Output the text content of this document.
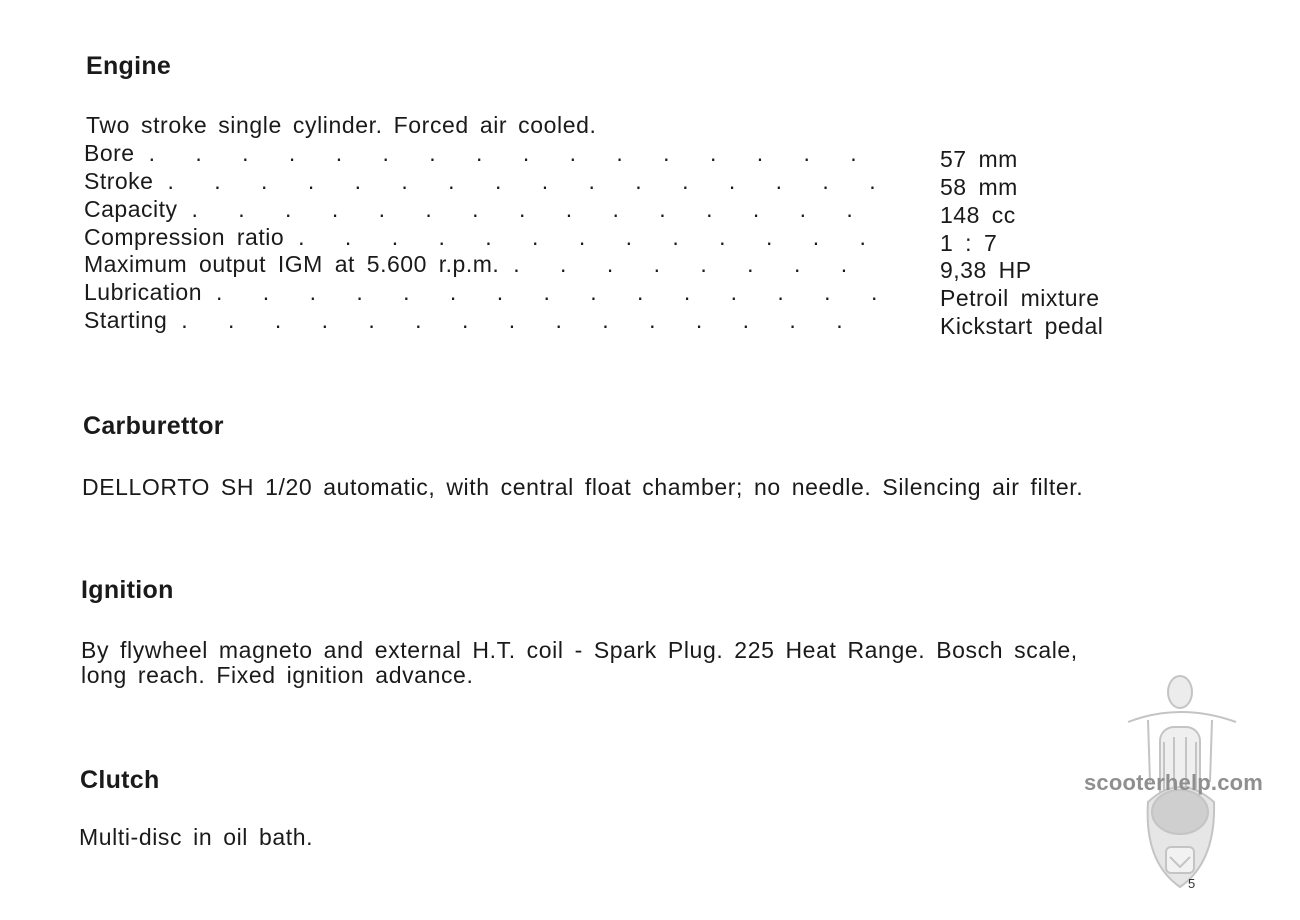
Engine

Two stroke single cylinder. Forced air cooled.

Bore . . .	57 mm
Stroke . . .	58 mm
Capacity . . .	148 cc
Compression ratio . . .	1 : 7
Maximum output IGM at 5.600 r.p.m. . . .	9,38 HP
Lubrication . . .	Petroil mixture
Starting . . .	Kickstart pedal
Carburettor

DELLORTO SH 1/20 automatic, with central float chamber; no needle. Silencing air filter.

Ignition

By flywheel magneto and external H.T. coil - Spark Plug. 225 Heat Range. Bosch scale,

long reach. Fixed ignition advance.

Clutch

Multi-disc in oil bath.

scooterhelp.com
5
